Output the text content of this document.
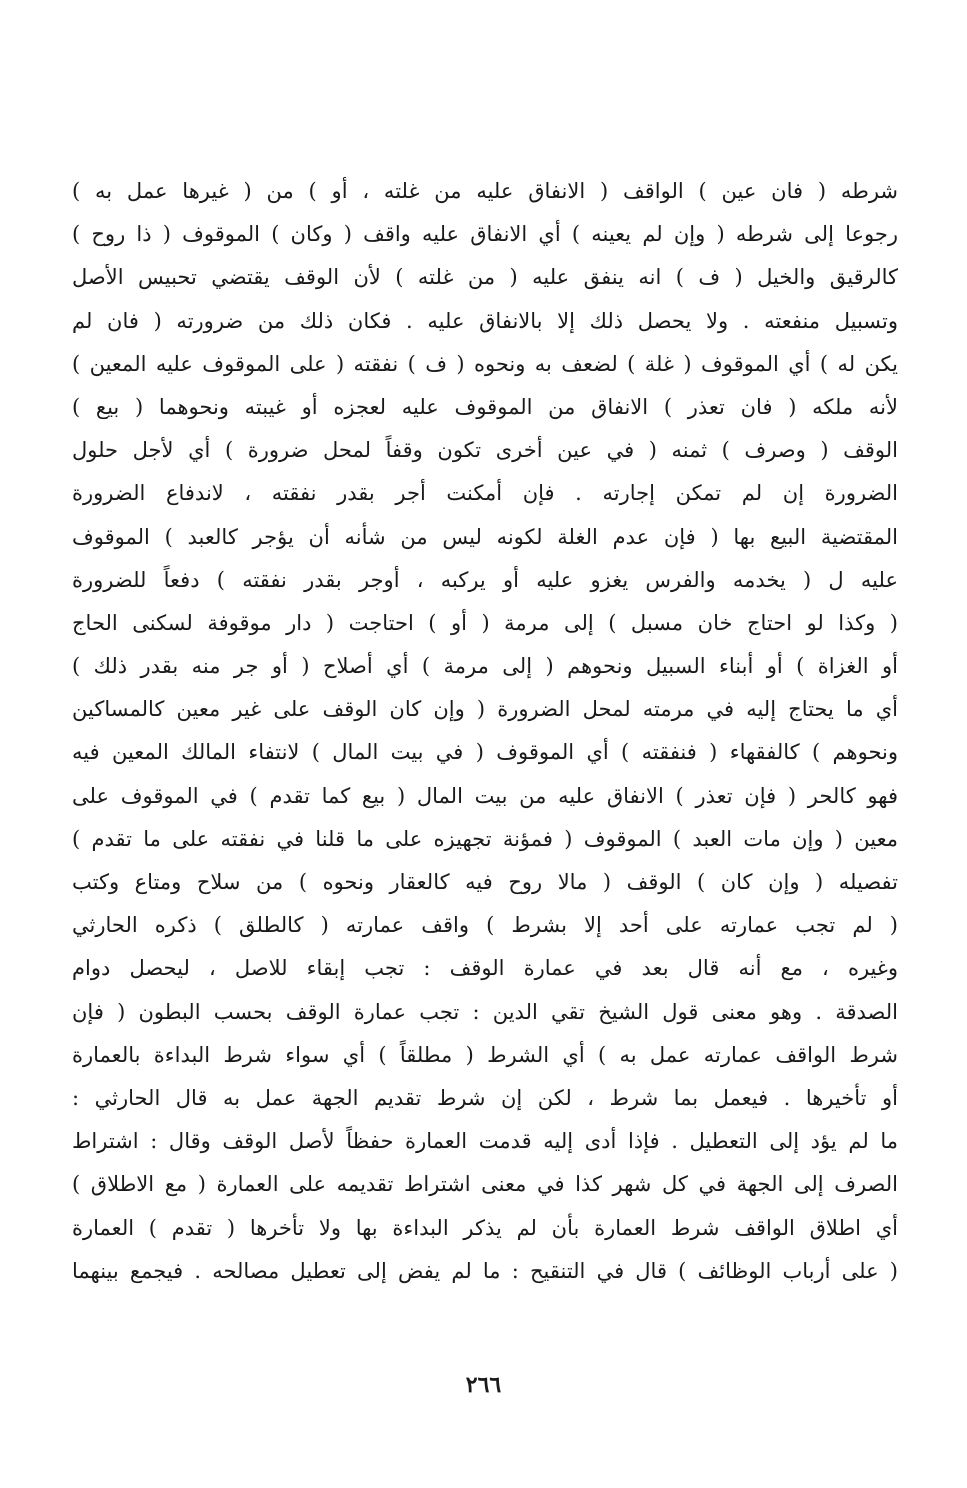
شرطه ( فان عين ) الواقف ( الانفاق عليه من غلته ، أو ) من ( غيرها عمل به )
رجوعا إلى شرطه ( وإن لم يعينه ) أي الانفاق عليه واقف ( وكان ) الموقوف ( ذا روح )
كالرقيق والخيل ( ف ) انه ينفق عليه ( من غلته ) لأن الوقف يقتضي تحبيس الأصل
وتسبيل منفعته . ولا يحصل ذلك إلا بالانفاق عليه . فكان ذلك من ضرورته ( فان لم
يكن له ) أي الموقوف ( غلة ) لضعف به ونحوه ( ف ) نفقته ( على الموقوف عليه المعين )
لأنه ملكه ( فان تعذر ) الانفاق من الموقوف عليه لعجزه أو غيبته ونحوهما ( بيع )
الوقف ( وصرف ) ثمنه ( في عين أخرى تكون وقفاً لمحل ضرورة ) أي لأجل حلول
الضرورة إن لم تمكن إجارته . فإن أمكنت أجر بقدر نفقته ، لاندفاع الضرورة
المقتضية البيع بها ( فإن عدم الغلة لكونه ليس من شأنه أن يؤجر كالعبد ) الموقوف
عليه ل ( يخدمه والفرس يغزو عليه أو يركبه ، أوجر بقدر نفقته ) دفعاً للضرورة
( وكذا لو احتاج خان مسبل ) إلى مرمة ( أو ) احتاجت ( دار موقوفة لسكنى الحاج
أو الغزاة ) أو أبناء السبيل ونحوهم ( إلى مرمة ) أي أصلاح ( أو جر منه بقدر ذلك )
أي ما يحتاج إليه في مرمته لمحل الضرورة ( وإن كان الوقف على غير معين كالمساكين
ونحوهم ) كالفقهاء ( فنفقته ) أي الموقوف ( في بيت المال ) لانتفاء المالك المعين فيه
فهو كالحر ( فإن تعذر ) الانفاق عليه من بيت المال ( بيع كما تقدم ) في الموقوف على
معين ( وإن مات العبد ) الموقوف ( فمؤنة تجهيزه على ما قلنا في نفقته على ما تقدم )
تفصيله ( وإن كان ) الوقف ( مالا روح فيه كالعقار ونحوه ) من سلاح ومتاع وكتب
( لم تجب عمارته على أحد إلا بشرط ) واقف عمارته ( كالطلق ) ذكره الحارثي
وغيره ، مع أنه قال بعد في عمارة الوقف : تجب إبقاء للاصل ، ليحصل دوام
الصدقة . وهو معنى قول الشيخ تقي الدين : تجب عمارة الوقف بحسب البطون ( فإن
شرط الواقف عمارته عمل به ) أي الشرط ( مطلقاً ) أي سواء شرط البداءة بالعمارة
أو تأخيرها . فيعمل بما شرط ، لكن إن شرط تقديم الجهة عمل به قال الحارثي :
ما لم يؤد إلى التعطيل . فإذا أدى إليه قدمت العمارة حفظاً لأصل الوقف وقال : اشتراط
الصرف إلى الجهة في كل شهر كذا في معنى اشتراط تقديمه على العمارة ( مع الاطلاق )
أي اطلاق الواقف شرط العمارة بأن لم يذكر البداءة بها ولا تأخرها ( تقدم ) العمارة
( على أرباب الوظائف ) قال في التنقيح : ما لم يفض إلى تعطيل مصالحه . فيجمع بينهما
٢٦٦
